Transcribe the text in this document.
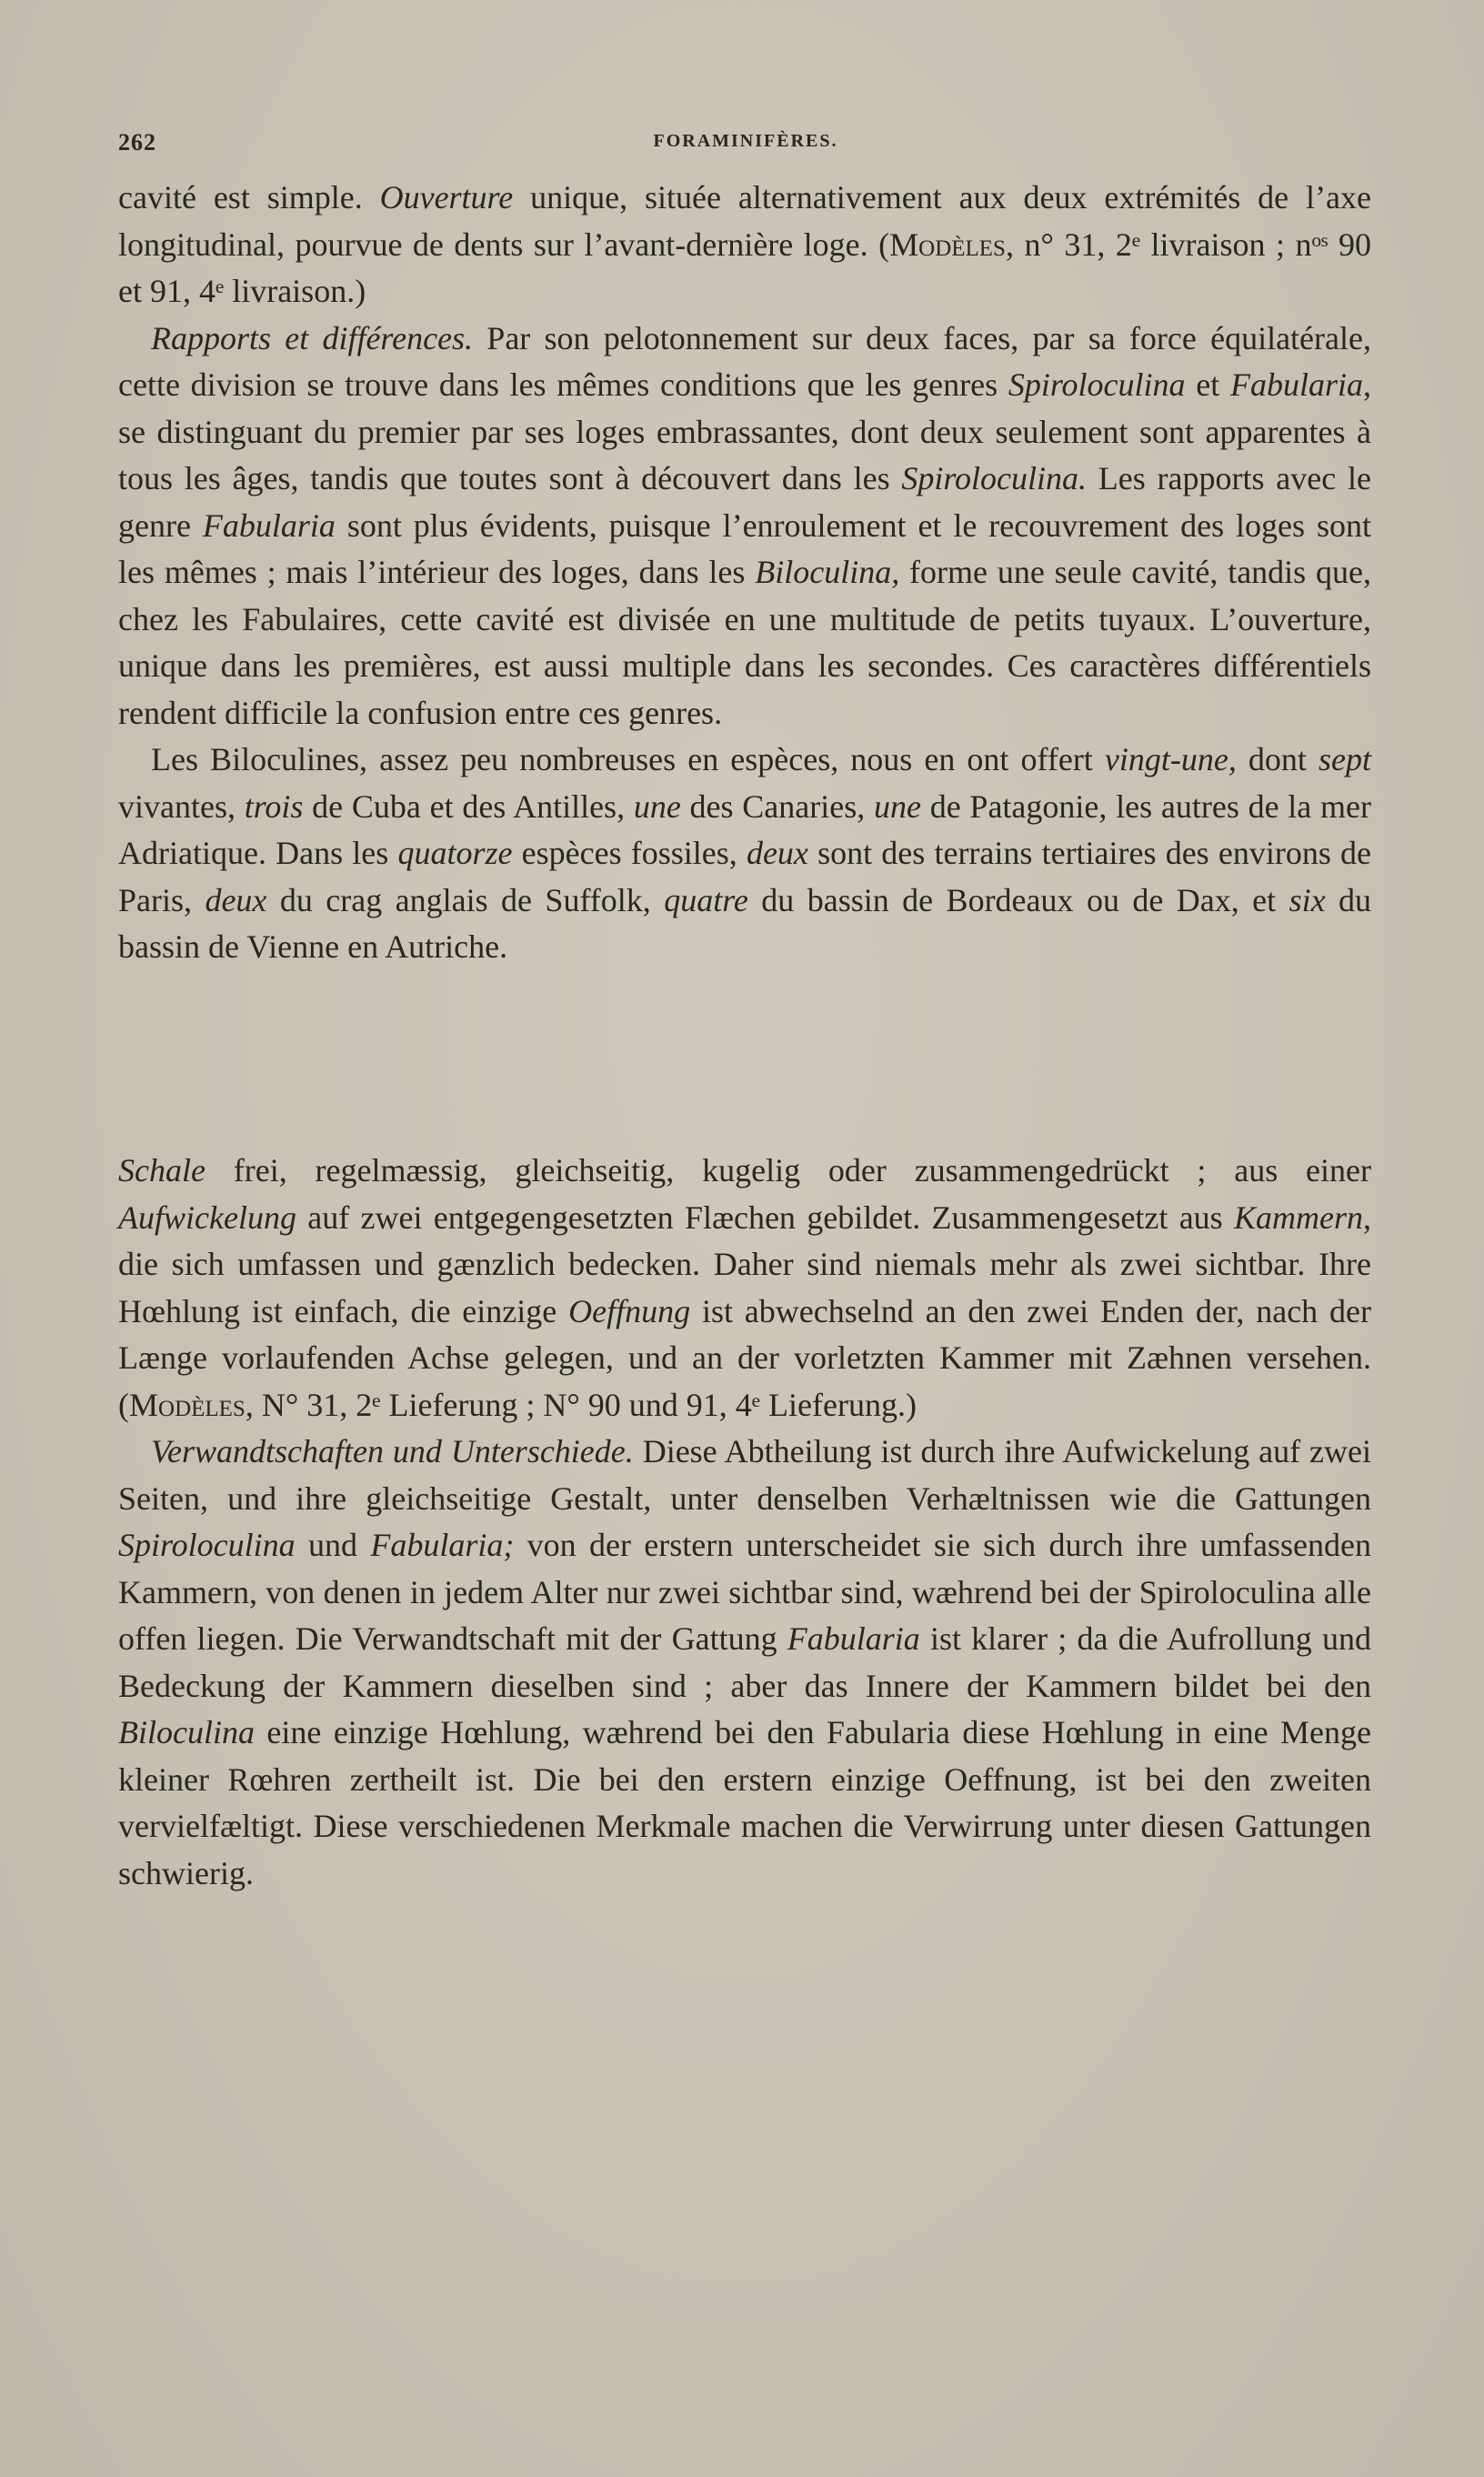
262	FORAMINIFÈRES.

cavité est simple. Ouverture unique, située alternativement aux deux extrémités de l’axe longitudinal, pourvue de dents sur l’avant-dernière loge. (Modèles, n° 31, 2ᵉ livraison ; nᵒˢ 90 et 91, 4ᵉ livraison.)

Rapports et différences. Par son pelotonnement sur deux faces, par sa force équilatérale, cette division se trouve dans les mêmes conditions que les genres Spiroloculina et Fabularia, se distinguant du premier par ses loges embrassantes, dont deux seulement sont apparentes à tous les âges, tandis que toutes sont à découvert dans les Spiroloculina. Les rapports avec le genre Fabularia sont plus évidents, puisque l’enroulement et le recouvrement des loges sont les mêmes ; mais l’intérieur des loges, dans les Biloculina, forme une seule cavité, tandis que, chez les Fabulaires, cette cavité est divisée en une multitude de petits tuyaux. L’ouverture, unique dans les premières, est aussi multiple dans les secondes. Ces caractères différentiels rendent difficile la confusion entre ces genres.

Les Biloculines, assez peu nombreuses en espèces, nous en ont offert vingt-une, dont sept vivantes, trois de Cuba et des Antilles, une des Canaries, une de Patagonie, les autres de la mer Adriatique. Dans les quatorze espèces fossiles, deux sont des terrains tertiaires des environs de Paris, deux du crag anglais de Suffolk, quatre du bassin de Bordeaux ou de Dax, et six du bassin de Vienne en Autriche.

Schale frei, regelmæssig, gleichseitig, kugelig oder zusammengedrückt ; aus einer Aufwickelung auf zwei entgegengesetzten Flæchen gebildet. Zusammengesetzt aus Kammern, die sich umfassen und gænzlich bedecken. Daher sind niemals mehr als zwei sichtbar. Ihre Hœhlung ist einfach, die einzige Oeffnung ist abwechselnd an den zwei Enden der, nach der Længe vorlaufenden Achse gelegen, und an der vorletzten Kammer mit Zæhnen versehen. (Modèles, N° 31, 2ᵉ Lieferung ; N° 90 und 91, 4ᵉ Lieferung.)

Verwandtschaften und Unterschiede. Diese Abtheilung ist durch ihre Aufwickelung auf zwei Seiten, und ihre gleichseitige Gestalt, unter denselben Verhæltnissen wie die Gattungen Spiroloculina und Fabularia; von der erstern unterscheidet sie sich durch ihre umfassenden Kammern, von denen in jedem Alter nur zwei sichtbar sind, wæhrend bei der Spiroloculina alle offen liegen. Die Verwandtschaft mit der Gattung Fabularia ist klarer ; da die Aufrollung und Bedeckung der Kammern dieselben sind ; aber das Innere der Kammern bildet bei den Biloculina eine einzige Hœhlung, wæhrend bei den Fabularia diese Hœhlung in eine Menge kleiner Rœhren zertheilt ist. Die bei den erstern einzige Oeffnung, ist bei den zweiten vervielfæltigt. Diese verschiedenen Merkmale machen die Verwirrung unter diesen Gattungen schwierig.
